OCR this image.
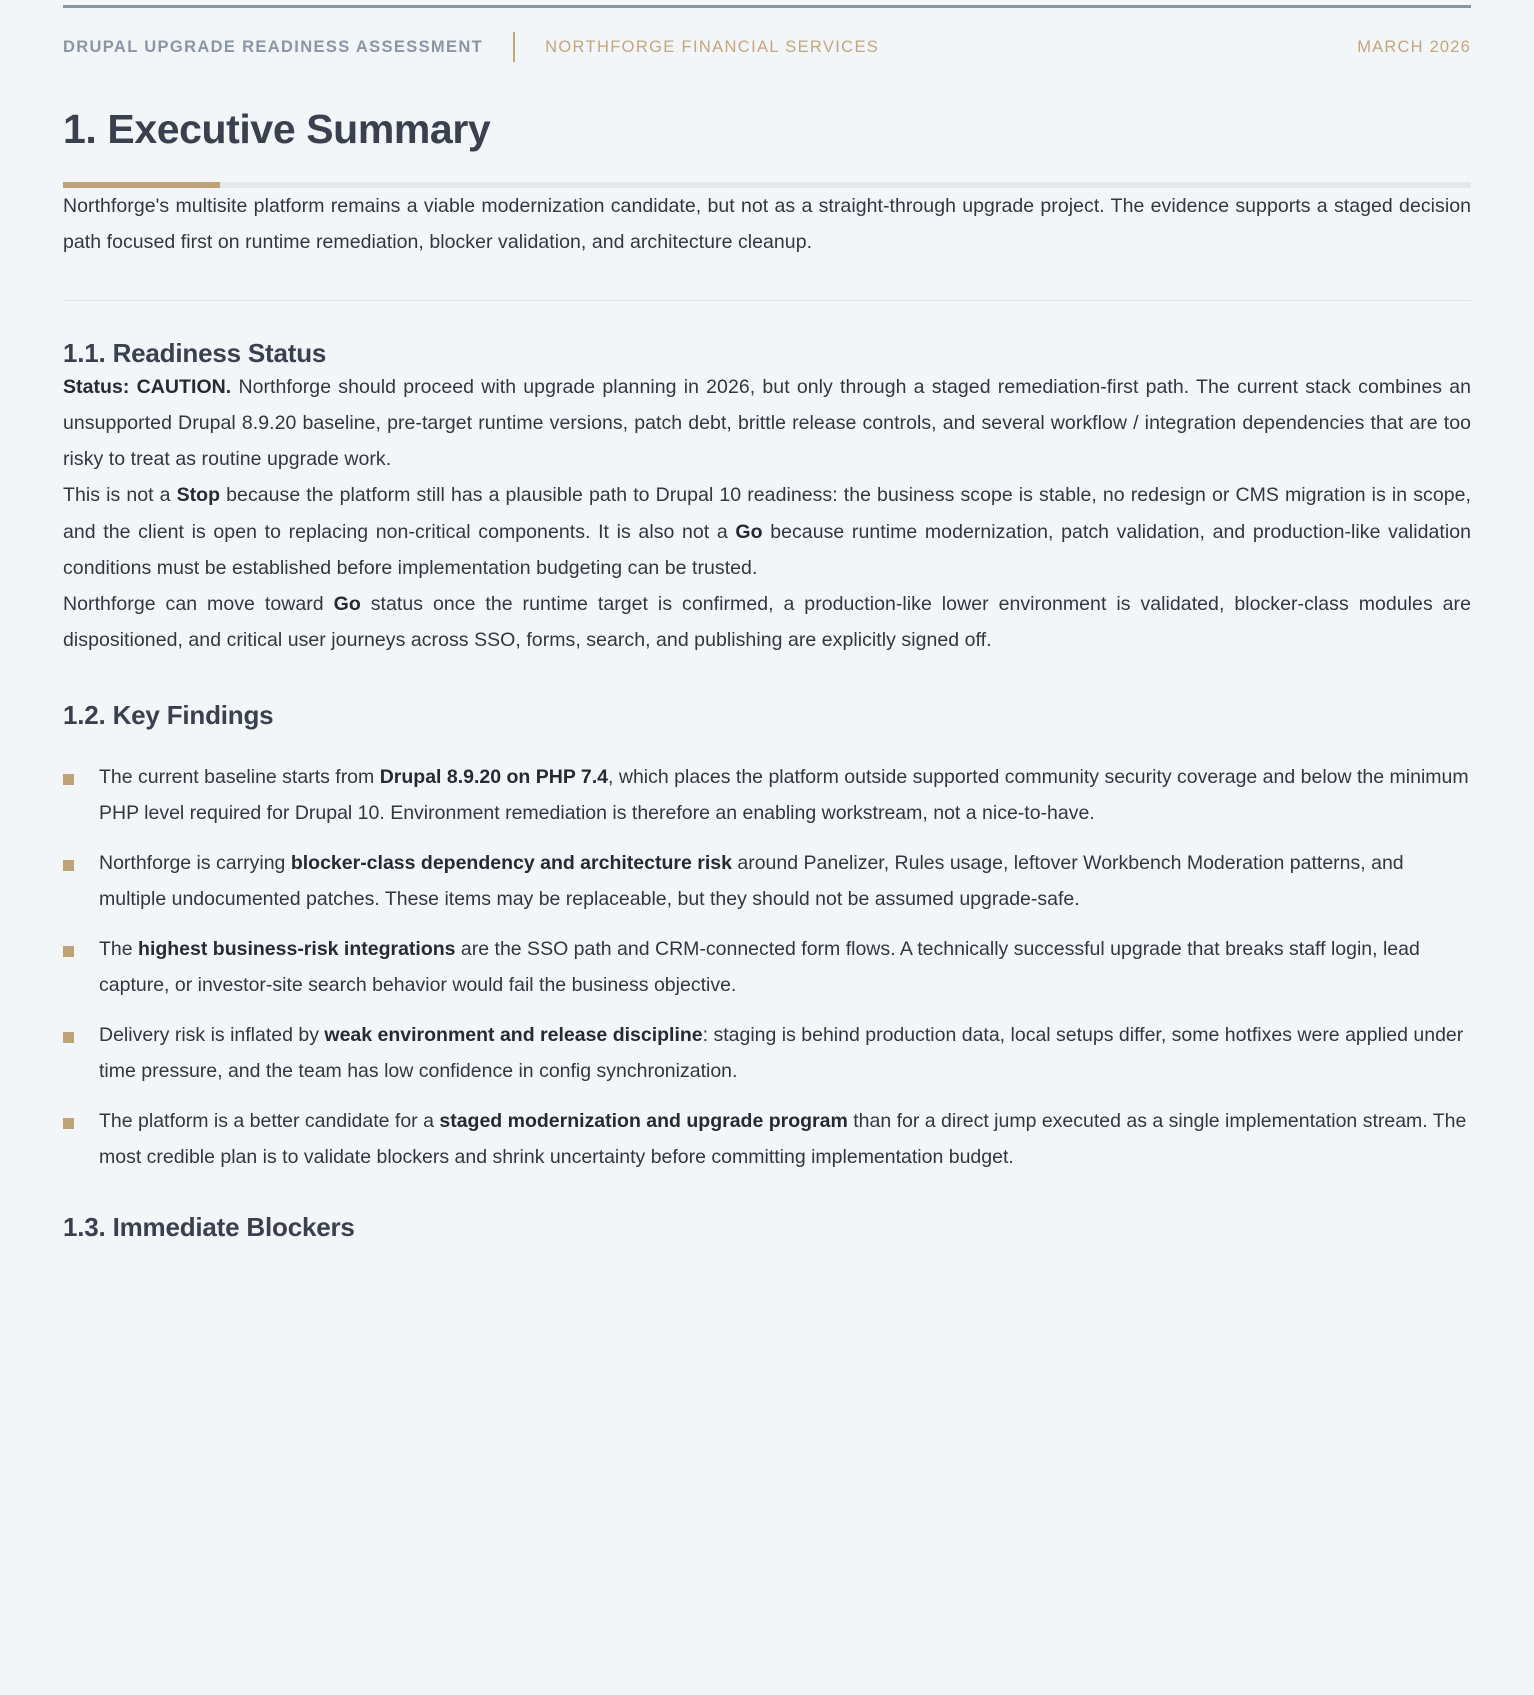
DRUPAL UPGRADE READINESS ASSESSMENT	NORTHFORGE FINANCIAL SERVICES	MARCH 2026
1. Executive Summary

Northforge's multisite platform remains a viable modernization candidate, but not as a straight-through upgrade project. The evidence supports a staged decision path focused first on runtime remediation, blocker validation, and architecture cleanup.

1.1. Readiness Status

Status: CAUTION. Northforge should proceed with upgrade planning in 2026, but only through a staged remediation-first path. The current stack combines an unsupported Drupal 8.9.20 baseline, pre-target runtime versions, patch debt, brittle release controls, and several workflow / integration dependencies that are too risky to treat as routine upgrade work.

This is not a Stop because the platform still has a plausible path to Drupal 10 readiness: the business scope is stable, no redesign or CMS migration is in scope, and the client is open to replacing non-critical components. It is also not a Go because runtime modernization, patch validation, and production-like validation conditions must be established before implementation budgeting can be trusted.

Northforge can move toward Go status once the runtime target is confirmed, a production-like lower environment is validated, blocker-class modules are dispositioned, and critical user journeys across SSO, forms, search, and publishing are explicitly signed off.

1.2. Key Findings
The current baseline starts from Drupal 8.9.20 on PHP 7.4, which places the platform outside supported community security coverage and below the minimum PHP level required for Drupal 10. Environment remediation is therefore an enabling workstream, not a nice-to-have.
Northforge is carrying blocker-class dependency and architecture risk around Panelizer, Rules usage, leftover Workbench Moderation patterns, and multiple undocumented patches. These items may be replaceable, but they should not be assumed upgrade-safe.
The highest business-risk integrations are the SSO path and CRM-connected form flows. A technically successful upgrade that breaks staff login, lead capture, or investor-site search behavior would fail the business objective.
Delivery risk is inflated by weak environment and release discipline: staging is behind production data, local setups differ, some hotfixes were applied under time pressure, and the team has low confidence in config synchronization.
The platform is a better candidate for a staged modernization and upgrade program than for a direct jump executed as a single implementation stream. The most credible plan is to validate blockers and shrink uncertainty before committing implementation budget.
1.3. Immediate Blockers
